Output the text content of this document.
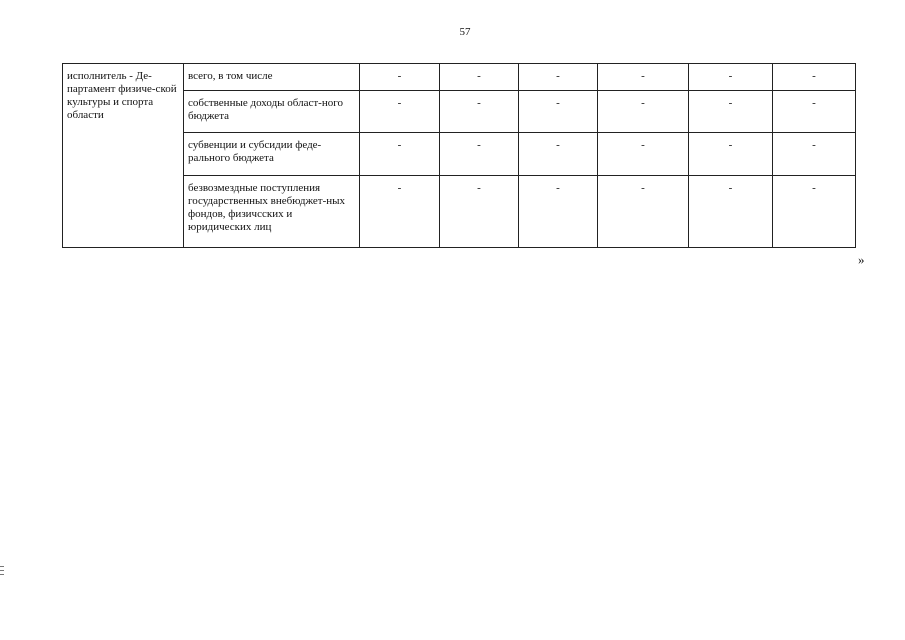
57
исполнитель - Де-партамент физиче-ской культуры и спорта области	всего, в том числе	-	-	-	-	-	-
	собственные доходы област-ного бюджета	-	-	-	-	-	-
	субвенции и субсидии феде-рального бюджета	-	-	-	-	-	-
	безвозмездные поступления государственных внебюджет-ных фондов, физичсских и юридических лиц	-	-	-	-	-	-
»
